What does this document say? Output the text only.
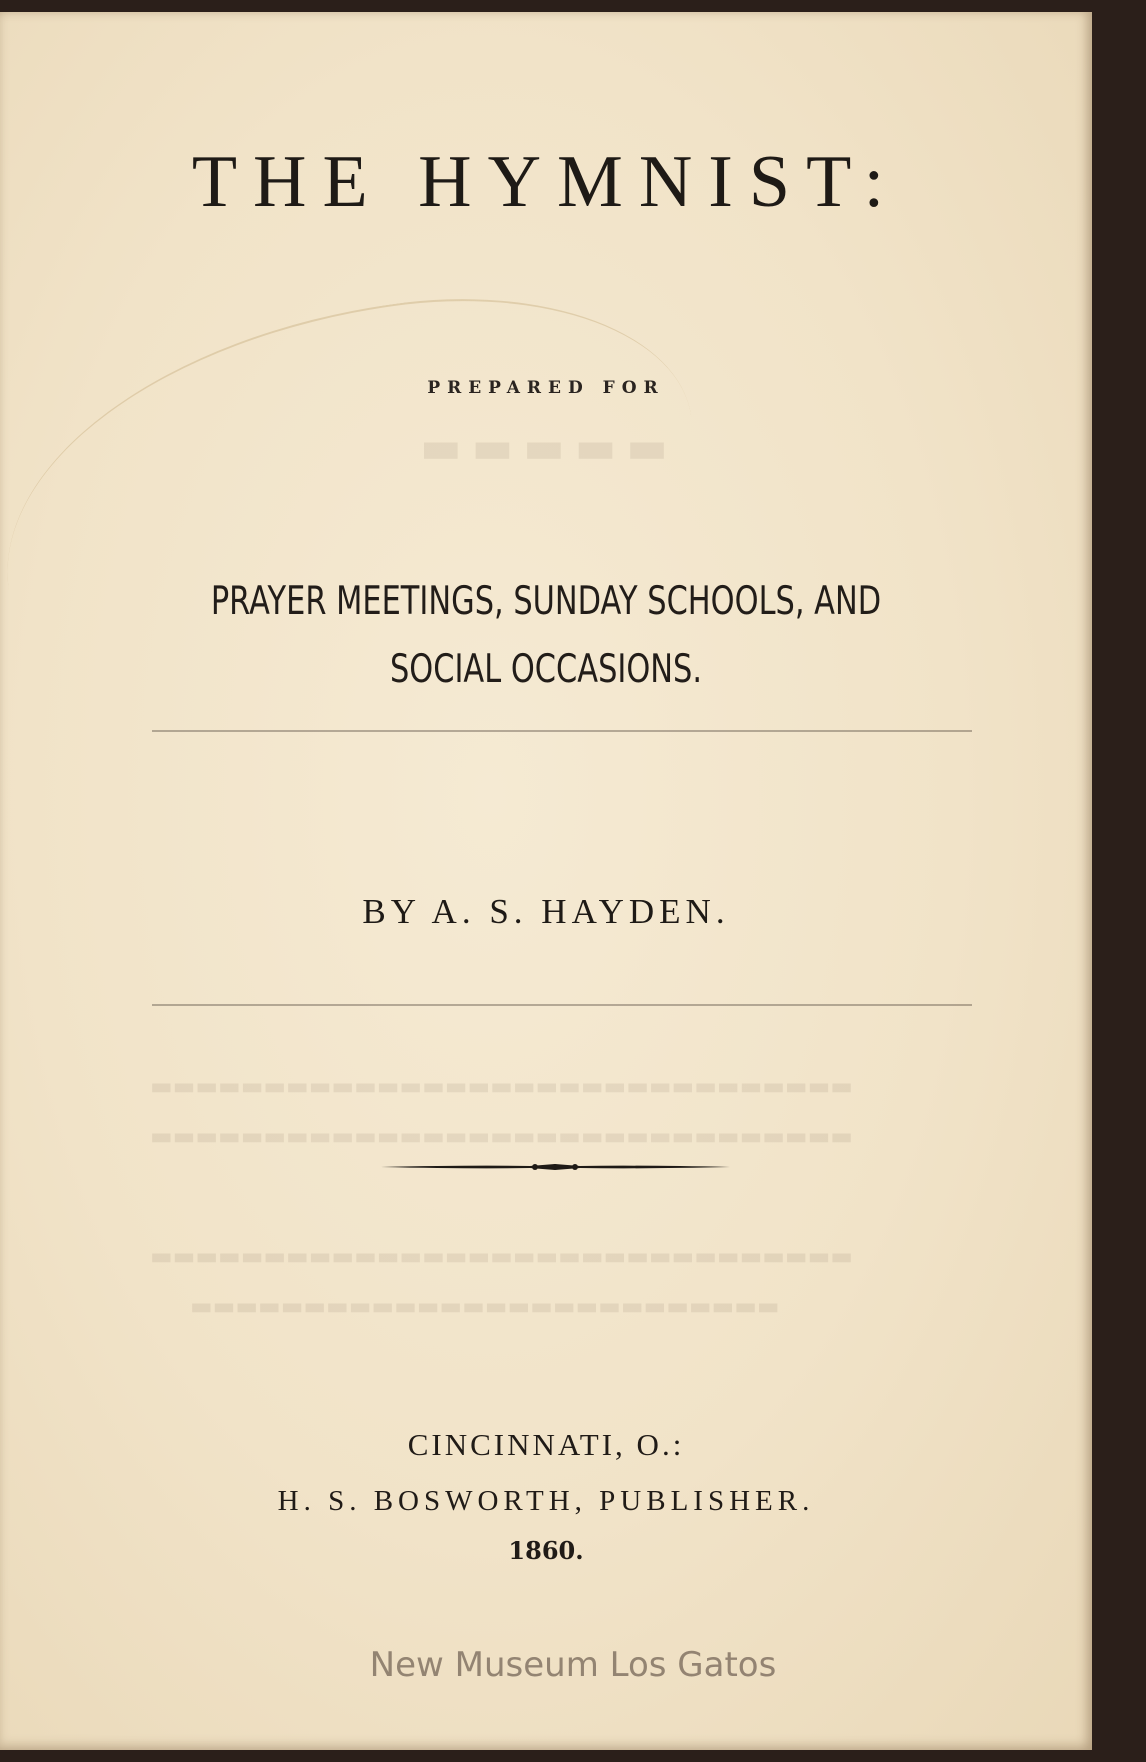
▬▬▬▬▬
▬▬▬▬▬▬▬▬▬▬▬▬▬▬▬▬▬▬▬▬▬▬▬▬▬▬▬▬▬▬▬
▬▬▬▬▬▬▬▬▬▬▬▬▬▬▬▬▬▬▬▬▬▬▬▬▬▬▬▬▬▬▬
▬▬▬▬▬▬▬▬▬▬▬▬▬▬▬▬▬▬▬▬▬▬▬▬▬▬▬▬▬▬▬
▬▬▬▬▬▬▬▬▬▬▬▬▬▬▬▬▬▬▬▬▬▬▬▬▬▬
THE HYMNIST:
PREPARED FOR
PRAYER MEETINGS, SUNDAY SCHOOLS, AND
SOCIAL OCCASIONS.
BY A. S. HAYDEN.
CINCINNATI, O.:
H. S. BOSWORTH, PUBLISHER.
1860.
New Museum Los Gatos
